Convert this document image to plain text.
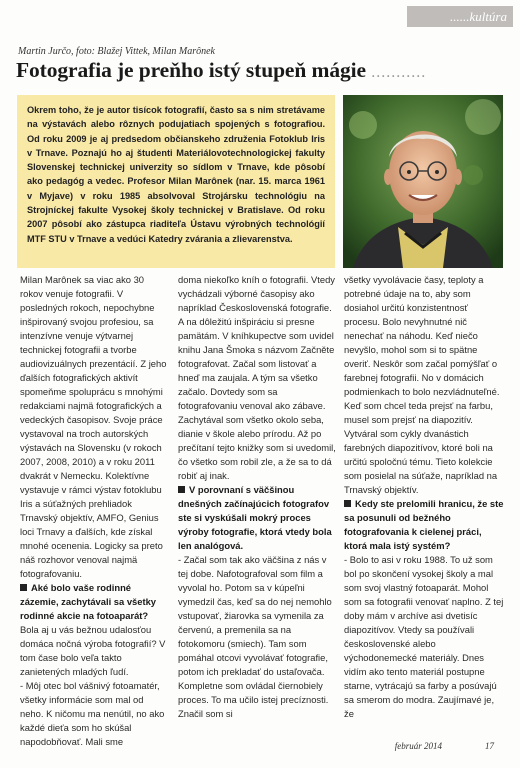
......kultúra
Martin Jurčo, foto: Blažej Vittek, Milan Marônek
Fotografia je preňho istý stupeň mágie ...........
Okrem toho, že je autor tisícok fotografií, často sa s nim stretávame na výstavách alebo rôznych podujatiach spojených s fotografiou. Od roku 2009 je aj predsedom občianskeho združenia Fotoklub Iris v Trnave. Poznajú ho aj študenti Materiálovotechnologickej fakulty Slovenskej technickej univerzity so sídlom v Trnave, kde pôsobí ako pedagóg a vedec. Profesor Milan Marônek (nar. 15. marca 1961 v Myjave) v roku 1985 absolvoval Strojársku technológiu na Strojníckej fakulte Vysokej školy technickej v Bratislave. Od roku 2007 pôsobí ako zástupca riaditeľa Ústavu výrobných technológií MTF STU v Trnave a vedúci Katedry zvárania a zlievarenstva.
Milan Marônek sa viac ako 30 rokov venuje fotografii. V posledných rokoch, nepochybne inšpirovaný svojou profesiou, sa intenzívne venuje výtvarnej technickej fotografii a tvorbe audiovizuálnych prezentácií. Z jeho ďalších fotografických aktivít spomeňme spoluprácu s mnohými redakciami najmä fotografických a vedeckých časopisov. Svoje práce vystavoval na troch autorských výstavách na Slovensku (v rokoch 2007, 2008, 2010) a v roku 2011 dvakrát v Nemecku. Kolektívne vystavuje v rámci výstav fotoklubu Iris a súťažných prehliadok Trnavský objektív, AMFO, Genius loci Trnavy a ďalších, kde získal mnohé ocenenia. Logicky sa preto náš rozhovor venoval najmä fotografovaniu.
Aké bolo vaše rodinné zázemie, zachytávali sa všetky rodinné akcie na fotoaparát?
Bola aj u vás bežnou udalosťou domáca nočná výroba fotografií? V tom čase bolo veľa takto zanietených mladých ľudí.
- Môj otec bol vášnivý fotoamatér, všetky informácie som mal od neho. K ničomu ma nenútil, no ako každé dieťa som ho skúšal napodobňovať. Mali sme
doma niekoľko kníh o fotografii. Vtedy vychádzali výborné časopisy ako napríklad Československá fotografie. A na dôležitú inšpiráciu si presne pamätám. V kníhkupectve som uvidel knihu Jana Šmoka s názvom Začněte fotografovat. Začal som listovať a hneď ma zaujala. A tým sa všetko začalo. Dovtedy som sa fotografovaniu venoval ako zábave. Zachytával som všetko okolo seba, dianie v škole alebo prírodu. Až po prečítaní tejto knižky som si uvedomil, čo všetko som robil zle, a že sa to dá robiť aj inak.
V porovnaní s väčšinou dnešných začínajúcich fotografov ste si vyskúšali mokrý proces výroby fotografie, ktorá vtedy bola len analógová.
- Začal som tak ako väčšina z nás v tej dobe. Nafotografoval som film a vyvolal ho. Potom sa v kúpeľni vymedzil čas, keď sa do nej nemohlo vstupovať, žiarovka sa vymenila za červenú, a premenila sa na fotokomoru (smiech). Tam som pomáhal otcovi vyvolávať fotografie, potom ich prekladať do ustaľovača. Kompletne som ovládal čiernobiely proces. To ma učilo istej precíznosti. Značil som si
všetky vyvolávacie časy, teploty a potrebné údaje na to, aby som dosiahol určitú konzistentnosť procesu. Bolo nevyhnutné nič nenechať na náhodu. Keď niečo nevyšlo, mohol som si to spätne overiť. Neskôr som začal pomýšľať o farebnej fotografii. No v domácich podmienkach to bolo nezvládnuteľné. Keď som chcel teda prejsť na farbu, musel som prejsť na diapozitív. Vytváral som cykly dvanástich farebných diapozitívov, ktoré boli na určitú spoločnú tému. Tieto kolekcie som posielal na súťaže, napríklad na Trnavský objektív.
Kedy ste prelomili hranicu, že ste sa posunuli od bežného fotografovania k cielenej práci, ktorá mala istý systém?
- Bolo to asi v roku 1988. To už som bol po skončení vysokej školy a mal som svoj vlastný fotoaparát. Mohol som sa fotografii venovať naplno. Z tej doby mám v archíve asi dvetisíc diapozitívov. Vtedy sa používali československé alebo východonemecké materiály. Dnes vidím ako tento materiál postupne starne, vytrácajú sa farby a posúvajú sa smerom do modra. Zaujímavé je, že
február 2014	17
